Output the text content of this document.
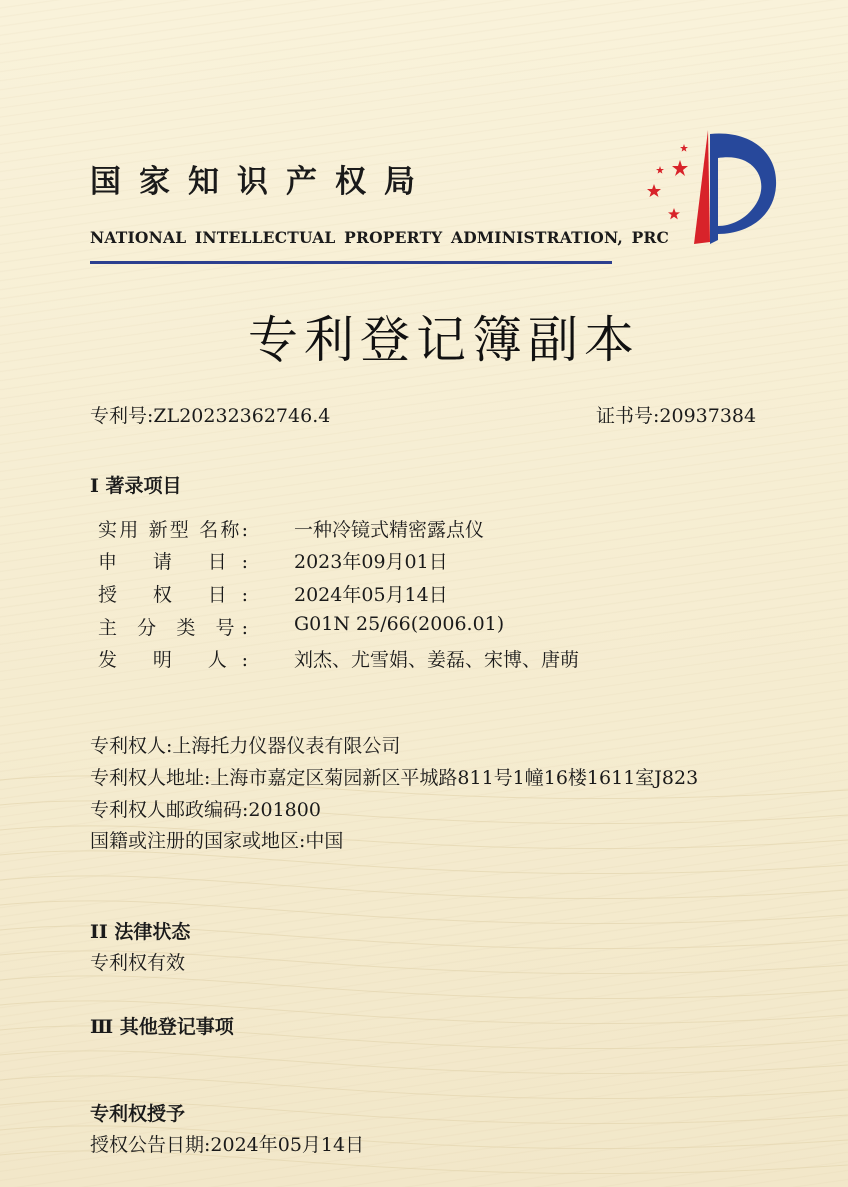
国家知识产权局
NATIONAL INTELLECTUAL PROPERTY ADMINISTRATION, PRC
专利登记簿副本
专利号:ZL20232362746.4	证书号:20937384
I 著录项目
实用 新型 名称: 一种冷镜式精密露点仪
申 请 日: 2023年09月01日
授 权 日: 2024年05月14日
主 分 类 号: G01N 25/66(2006.01)
发 明 人: 刘杰、尤雪娟、姜磊、宋博、唐萌
专利权人:上海托力仪器仪表有限公司
专利权人地址:上海市嘉定区菊园新区平城路811号1幢16楼1611室J823
专利权人邮政编码:201800
国籍或注册的国家或地区:中国
II 法律状态
专利权有效
Ⅲ 其他登记事项
专利权授予
授权公告日期:2024年05月14日
